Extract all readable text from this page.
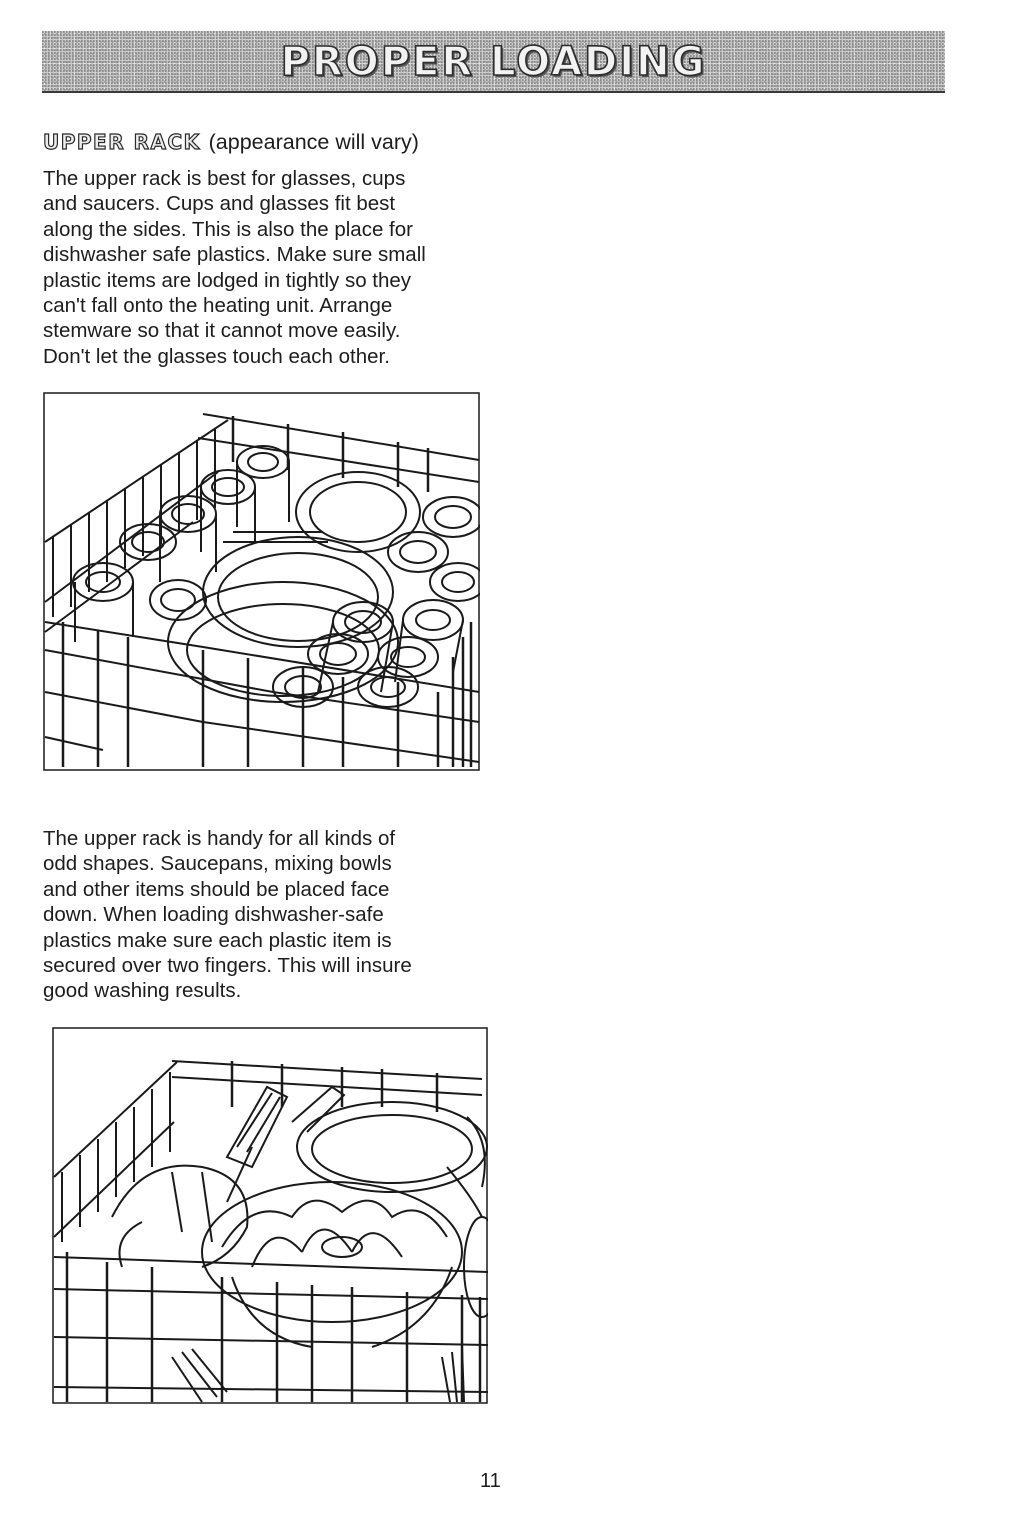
PROPER LOADING
UPPER RACK (appearance will vary)
The upper rack is best for glasses, cups
and saucers. Cups and glasses fit best
along the sides. This is also the place for
dishwasher safe plastics. Make sure small
plastic items are lodged in tightly so they
can't fall onto the heating unit. Arrange
stemware so that it cannot move easily.
Don't let the glasses touch each other.
The upper rack is handy for all kinds of
odd shapes. Saucepans, mixing bowls
and other items should be placed face
down. When loading dishwasher-safe
plastics make sure each plastic item is
secured over two fingers. This will insure
good washing results.
11
